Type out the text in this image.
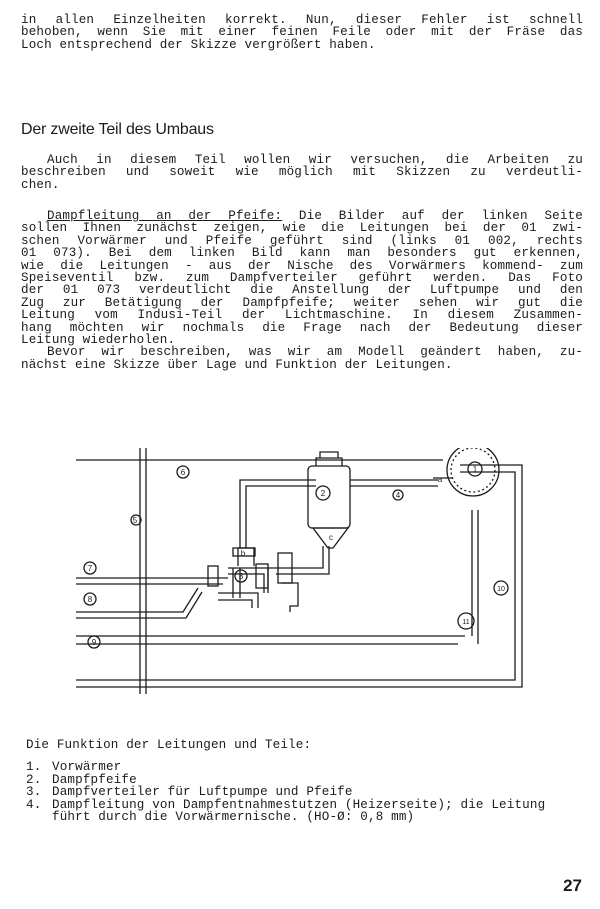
in allen Einzelheiten korrekt. Nun, dieser Fehler ist schnell
behoben, wenn Sie mit einer feinen Feile oder mit der Fräse das
Loch entsprechend der Skizze vergrößert haben.
Der zweite Teil des Umbaus
Auch in diesem Teil wollen wir versuchen, die Arbeiten zu
beschreiben und soweit wie möglich mit Skizzen zu verdeutli-
chen.
Dampfleitung an der Pfeife: Die Bilder auf der linken Seite
sollen Ihnen zunächst zeigen, wie die Leitungen bei der 01 zwi-
schen Vorwärmer und Pfeife geführt sind (links 01 002, rechts
01 073). Bei dem linken Bild kann man besonders gut erkennen,
wie die Leitungen - aus der Nische des Vorwärmers kommend- zum
Speiseventil bzw. zum Dampfverteiler geführt werden. Das Foto
der 01 073 verdeutlicht die Anstellung der Luftpumpe und den
Zug zur Betätigung der Dampfpfeife; weiter sehen wir gut die
Leitung vom Indusi-Teil der Lichtmaschine. In diesem Zusammen-
hang möchten wir nochmals die Frage nach der Bedeutung dieser
Leitung wiederholen.
Bevor wir beschreiben, was wir am Modell geändert haben, zu-
nächst eine Skizze über Lage und Funktion der Leitungen.
1
2
3
4
5
6
7
8
9
10
11
a
b
c
Die Funktion der Leitungen und Teile:
1. Vorwärmer
2. Dampfpfeife
3. Dampfverteiler für Luftpumpe und Pfeife
4. Dampfleitung von Dampfentnahmestutzen (Heizerseite); die Leitung führt durch die Vorwärmernische. (HO-Ø: 0,8 mm)
27
